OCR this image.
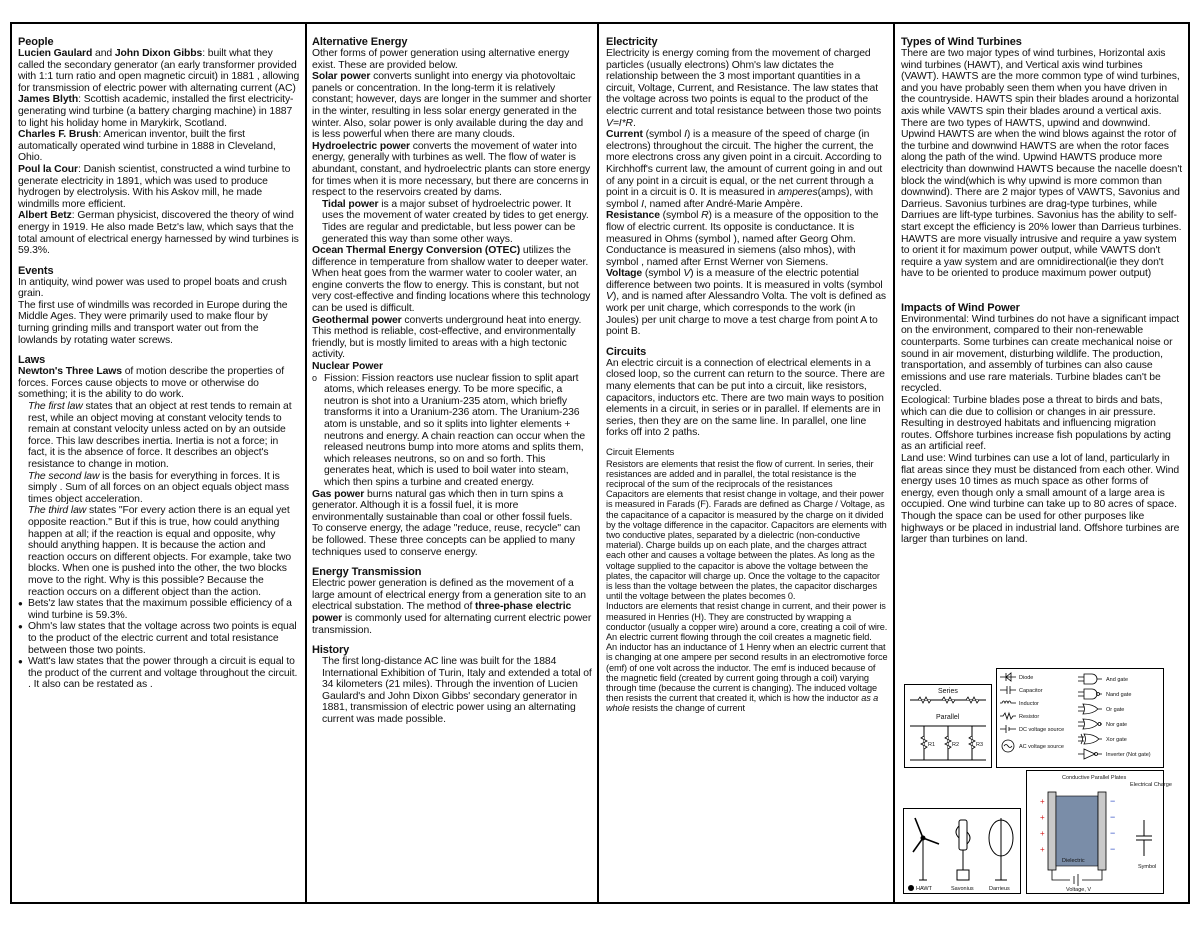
People

Lucien Gaulard and John Dixon Gibbs: built what they called the secondary generator (an early transformer provided with 1:1 turn ratio and open magnetic circuit) in 1881 , allowing for transmission of electric power with alternating current (AC)

James Blyth: Scottish academic, installed the first electricity-generating wind turbine (a battery charging machine) in 1887 to light his holiday home in Marykirk, Scotland.

Charles F. Brush: American inventor, built the first automatically operated wind turbine in 1888 in Cleveland, Ohio.

Poul la Cour: Danish scientist, constructed a wind turbine to generate electricity in 1891, which was used to produce hydrogen by electrolysis. With his Askov mill, he made windmills more efficient.

Albert Betz: German physicist, discovered the theory of wind energy in 1919. He also made Betz's law, which says that the total amount of electrical energy harnessed by wind turbines is 59.3%.

Events

In antiquity, wind power was used to propel boats and crush grain.

The first use of windmills was recorded in Europe during the Middle Ages. They were primarily used to make flour by turning grinding mills and transport water out from the lowlands by rotating water screws.

Laws

Newton's Three Laws of motion describe the properties of forces. Forces cause objects to move or otherwise do something; it is the ability to do work.

The first law states that an object at rest tends to remain at rest, while an object moving at constant velocity tends to remain at constant velocity unless acted on by an outside force. This law describes inertia. Inertia is not a force; in fact, it is the absence of force. It describes an object's resistance to change in motion.

The second law is the basis for everything in forces. It is simply . Sum of all forces on an object equals object mass times object acceleration.

The third law states "For every action there is an equal yet opposite reaction." But if this is true, how could anything happen at all; if the reaction is equal and opposite, why should anything happen. It is because the action and reaction occurs on different objects. For example, take two blocks. When one is pushed into the other, the two blocks move to the right. Why is this possible? Because the reaction occurs on a different object than the action.

● Bets'z law states that the maximum possible efficiency of a wind turbine is 59.3%.

● Ohm's law states that the voltage across two points is equal to the product of the electric current and total resistance between those two points.

● Watt's law states that the power through a circuit is equal to the product of the current and voltage throughout the circuit. . It also can be restated as .

Alternative Energy

Other forms of power generation using alternative energy exist. These are provided below.

Solar power converts sunlight into energy via photovoltaic panels or concentration. In the long-term it is relatively constant; however, days are longer in the summer and shorter in the winter, resulting in less solar energy generated in the winter. Also, solar power is only available during the day and is less powerful when there are many clouds.

Hydroelectric power converts the movement of water into energy, generally with turbines as well. The flow of water is abundant, constant, and hydroelectric plants can store energy for times when it is more necessary, but there are concerns in respect to the reservoirs created by dams.

Tidal power is a major subset of hydroelectric power. It uses the movement of water created by tides to get energy. Tides are regular and predictable, but less power can be generated this way than some other ways.

Ocean Thermal Energy Conversion (OTEC) utilizes the difference in temperature from shallow water to deeper water. When heat goes from the warmer water to cooler water, an engine converts the flow to energy. This is constant, but not very cost-effective and finding locations where this technology can be used is difficult.

Geothermal power converts underground heat into energy. This method is reliable, cost-effective, and environmentally friendly, but is mostly limited to areas with a high tectonic activity.

Nuclear Power

o Fission: Fission reactors use nuclear fission to split apart atoms, which releases energy. To be more specific, a neutron is shot into a Uranium-235 atom, which briefly transforms it into a Uranium-236 atom. The Uranium-236 atom is unstable, and so it splits into lighter elements + neutrons and energy. A chain reaction can occur when the released neutrons bump into more atoms and splits them, which releases neutrons, so on and so forth. This generates heat, which is used to boil water into steam, which then spins a turbine and created energy.

Gas power burns natural gas which then in turn spins a generator. Although it is a fossil fuel, it is more environmentally sustainable than coal or other fossil fuels.

To conserve energy, the adage "reduce, reuse, recycle" can be followed. These three concepts can be applied to many techniques used to conserve energy.

Energy Transmission

Electric power generation is defined as the movement of a large amount of electrical energy from a generation site to an electrical substation. The method of three-phase electric power is commonly used for alternating current electric power transmission.

History

The first long-distance AC line was built for the 1884 International Exhibition of Turin, Italy and extended a total of 34 kilometers (21 miles). Through the invention of Lucien Gaulard's and John Dixon Gibbs' secondary generator in 1881, transmission of electric power using an alternating current was made possible.

Electricity

Electricity is energy coming from the movement of charged particles (usually electrons) Ohm's law dictates the relationship between the 3 most important quantities in a circuit, Voltage, Current, and Resistance. The law states that the voltage across two points is equal to the product of the electric current and total resistance between those two points V=I*R.

Current (symbol I) is a measure of the speed of charge (in electrons) throughout the circuit. The higher the current, the more electrons cross any given point in a circuit. According to Kirchhoff's current law, the amount of current going in and out of any point in a circuit is equal, or the net current through a point in a circuit is 0. It is measured in amperes(amps), with symbol I, named after André-Marie Ampère.

Resistance (symbol R) is a measure of the opposition to the flow of electric current. Its opposite is conductance. It is measured in Ohms (symbol ), named after Georg Ohm. Conductance is measured in siemens (also mhos), with symbol , named after Ernst Werner von Siemens.

Voltage (symbol V) is a measure of the electric potential difference between two points. It is measured in volts (symbol V), and is named after Alessandro Volta. The volt is defined as work per unit charge, which corresponds to the work (in Joules) per unit charge to move a test charge from point A to point B.

Circuits

An electric circuit is a connection of electrical elements in a closed loop, so the current can return to the source. There are many elements that can be put into a circuit, like resistors, capacitors, inductors etc. There are two main ways to position elements in a circuit, in series or in parallel. If elements are in series, then they are on the same line. In parallel, one line forks off into 2 paths.

Circuit Elements

Resistors are elements that resist the flow of current. In series, their resistances are added and in parallel, the total resistance is the reciprocal of the sum of the reciprocals of the resistances

Capacitors are elements that resist change in voltage, and their power is measured in Farads (F). Farads are defined as Charge / Voltage, as the capacitance of a capacitor is measured by the charge on it divided by the voltage difference in the capacitor. Capacitors are elements with two conductive plates, separated by a dielectric (non-conductive material). Charge builds up on each plate, and the charges attract each other and causes a voltage between the plates. As long as the voltage supplied to the capacitor is above the voltage between the plates, the capacitor will charge up. Once the voltage to the capacitor is less than the voltage between the plates, the capacitor discharges until the voltage between the plates becomes 0.

Inductors are elements that resist change in current, and their power is measured in Henries (H). They are constructed by wrapping a conductor (usually a copper wire) around a core, creating a coil of wire. An electric current flowing through the coil creates a magnetic field.

An inductor has an inductance of 1 Henry when an electric current that is changing at one ampere per second results in an electromotive force (emf) of one volt across the inductor. The emf is induced because of the magnetic field (created by current going through a coil) varying through time (because the current is changing). The induced voltage then resists the current that created it, which is how the inductor as a whole resists the change of current

Types of Wind Turbines

There are two major types of wind turbines, Horizontal axis wind turbines (HAWT), and Vertical axis wind turbines (VAWT). HAWTS are the more common type of wind turbines, and you have probably seen them when you have driven in the countryside. HAWTS spin their blades around a horizontal axis while VAWTS spin their blades around a vertical axis. There are two types of HAWTS, upwind and downwind. Upwind HAWTS are when the wind blows against the rotor of the turbine and downwind HAWTS are when the rotor faces along the path of the wind. Upwind HAWTS produce more electricity than downwind HAWTS because the nacelle doesn't block the wind(which is why upwind is more common than downwind). There are 2 major types of VAWTS, Savonius and Darrieus. Savonius turbines are drag-type turbines, while Darriues are lift-type turbines. Savonius has the ability to self-start except the efficiency is 20% lower than Darrieus turbines. HAWTS are more visually intrusive and require a yaw system to orient it for maximum power output, while VAWTS don't require a yaw system and are omnidirectional(ie they don't have to be oriented to produce maximum power output)

Impacts of Wind Power

Environmental: Wind turbines do not have a significant impact on the environment, compared to their non-renewable counterparts. Some turbines can create mechanical noise or sound in air movement, disturbing wildlife. The production, transportation, and assembly of turbines can also cause emissions and use rare materials. Turbine blades can't be recycled.

Ecological: Turbine blades pose a threat to birds and bats, which can die due to collision or changes in air pressure. Resulting in destroyed habitats and influencing migration routes. Offshore turbines increase fish populations by acting as an artificial reef.

Land use: Wind turbines can use a lot of land, particularly in flat areas since they must be distanced from each other. Wind energy uses 10 times as much space as other forms of energy, even though only a small amount of a large area is occupied. One wind turbine can take up to 80 acres of space. Though the space can be used for other purposes like highways or be placed in industrial land. Offshore turbines are larger than turbines on land.

Series
Parallel
R1	R2	R3
Diode
Capacitor
Inductor
Resistor
DC voltage source
AC voltage source
And gate
Nand gate
Or gate
Nor gate
Xor gate
Inverter (Not gate)
Conductive Parallel Plates
Electrical Charge
+
+
+
+
−
−
−
−
Dielectric
Voltage, V
Symbol
HAWT	Savonius	Darrieus
